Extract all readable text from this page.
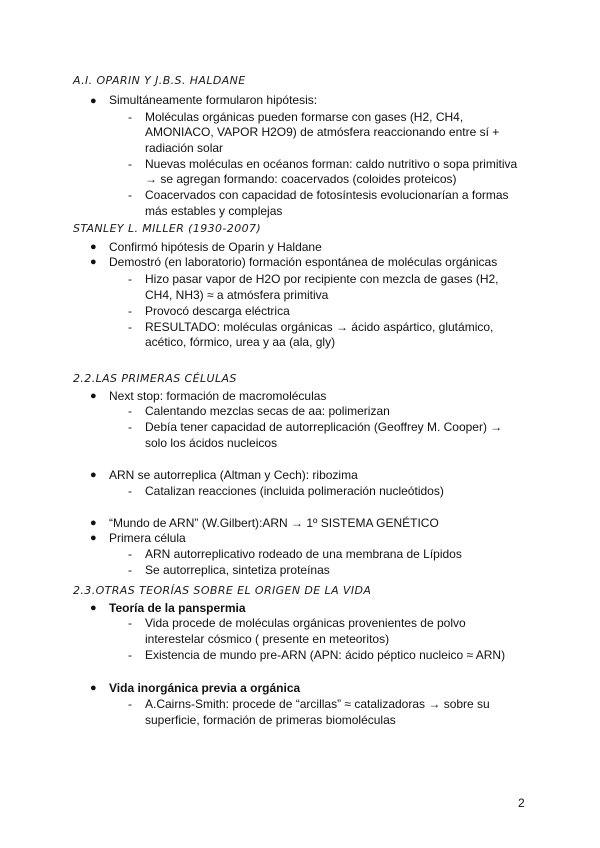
A.I. OPARIN Y J.B.S. HALDANE
● Simultáneamente formularon hipótesis:
- Moléculas orgánicas pueden formarse con gases (H2, CH4,
AMONIACO, VAPOR H2O9) de atmósfera reaccionando entre sí +
radiación solar
- Nuevas moléculas en océanos forman: caldo nutritivo o sopa primitiva
→ se agregan formando: coacervados (coloides proteicos)
- Coacervados con capacidad de fotosíntesis evolucionarían a formas
más estables y complejas
STANLEY L. MILLER (1930-2007)
● Confirmó hipótesis de Oparin y Haldane
● Demostró (en laboratorio) formación espontánea de moléculas orgánicas
- Hizo pasar vapor de H2O por recipiente con mezcla de gases (H2,
CH4, NH3) ≈ a atmósfera primitiva
- Provocó descarga eléctrica
- RESULTADO: moléculas orgánicas → ácido aspártico, glutámico,
acético, fórmico, urea y aa (ala, gly)
2.2.LAS PRIMERAS CÉLULAS
● Next stop: formación de macromoléculas
- Calentando mezclas secas de aa: polimerizan
- Debía tener capacidad de autorreplicación (Geoffrey M. Cooper) →
solo los ácidos nucleicos
● ARN se autorreplica (Altman y Cech): ribozima
- Catalizan reacciones (incluida polimeración nucleótidos)
● “Mundo de ARN” (W.Gilbert):ARN → 1º SISTEMA GENÉTICO
● Primera célula
- ARN autorreplicativo rodeado de una membrana de Lípidos
- Se autorreplica, sintetiza proteínas
2.3.OTRAS TEORÍAS SOBRE EL ORIGEN DE LA VIDA
● Teoría de la panspermia
- Vida procede de moléculas orgánicas provenientes de polvo
interestelar cósmico ( presente en meteoritos)
- Existencia de mundo pre-ARN (APN: ácido péptico nucleico ≈ ARN)
● Vida inorgánica previa a orgánica
- A.Cairns-Smith: procede de “arcillas” ≈ catalizadoras → sobre su
superficie, formación de primeras biomoléculas
2
